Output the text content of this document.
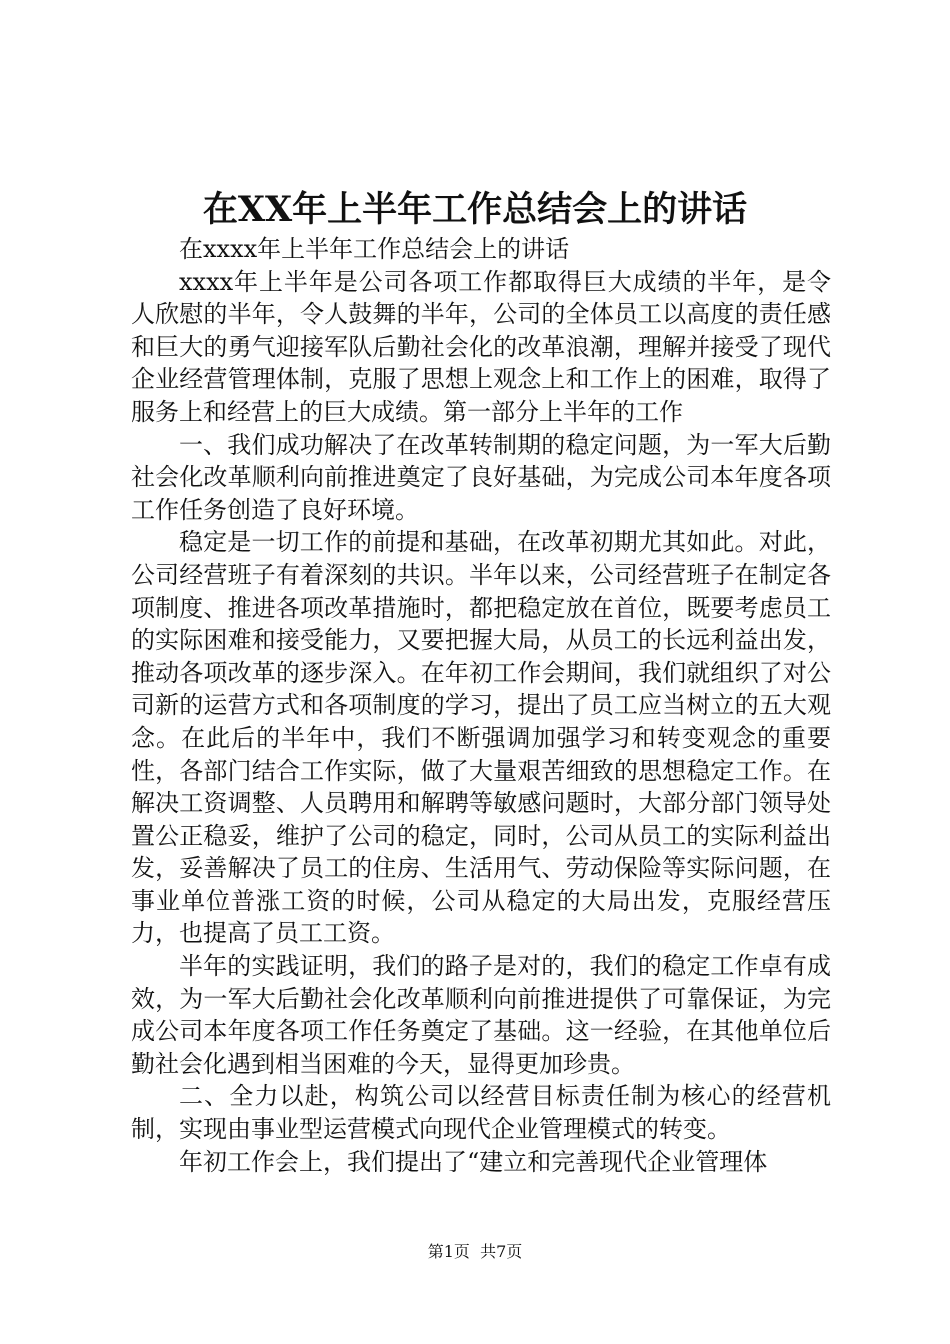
在XX年上半年工作总结会上的讲话

在xxxx年上半年工作总结会上的讲话

xxxx年上半年是公司各项工作都取得巨大成绩的半年，是令人欣慰的半年，令人鼓舞的半年，公司的全体员工以高度的责任感和巨大的勇气迎接军队后勤社会化的改革浪潮，理解并接受了现代企业经营管理体制，克服了思想上观念上和工作上的困难，取得了服务上和经营上的巨大成绩。第一部分上半年的工作

一、我们成功解决了在改革转制期的稳定问题，为一军大后勤社会化改革顺利向前推进奠定了良好基础，为完成公司本年度各项工作任务创造了良好环境。

稳定是一切工作的前提和基础，在改革初期尤其如此。对此，公司经营班子有着深刻的共识。半年以来，公司经营班子在制定各项制度、推进各项改革措施时，都把稳定放在首位，既要考虑员工的实际困难和接受能力，又要把握大局，从员工的长远利益出发，推动各项改革的逐步深入。在年初工作会期间，我们就组织了对公司新的运营方式和各项制度的学习，提出了员工应当树立的五大观念。在此后的半年中，我们不断强调加强学习和转变观念的重要性，各部门结合工作实际，做了大量艰苦细致的思想稳定工作。在解决工资调整、人员聘用和解聘等敏感问题时，大部分部门领导处置公正稳妥，维护了公司的稳定，同时，公司从员工的实际利益出发，妥善解决了员工的住房、生活用气、劳动保险等实际问题，在事业单位普涨工资的时候，公司从稳定的大局出发，克服经营压力，也提高了员工工资。

半年的实践证明，我们的路子是对的，我们的稳定工作卓有成效，为一军大后勤社会化改革顺利向前推进提供了可靠保证，为完成公司本年度各项工作任务奠定了基础。这一经验，在其他单位后勤社会化遇到相当困难的今天，显得更加珍贵。

二、全力以赴，构筑公司以经营目标责任制为核心的经营机制，实现由事业型运营模式向现代企业管理模式的转变。

年初工作会上，我们提出了“建立和完善现代企业管理体

第1页 共7页
